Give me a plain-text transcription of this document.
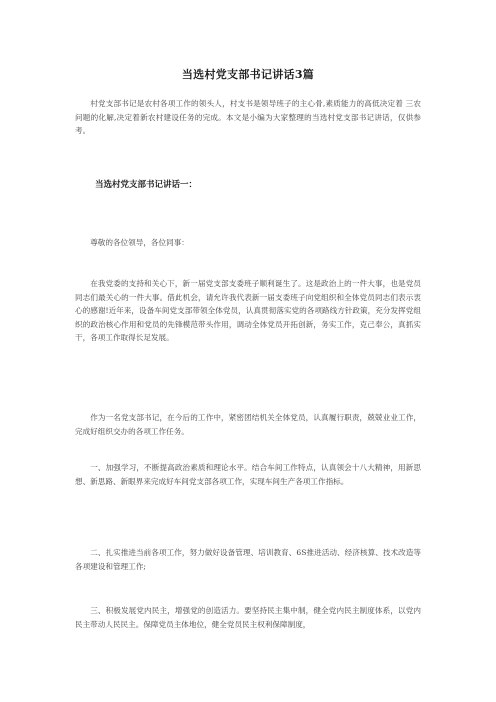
当选村党支部书记讲话3篇

村党支部书记是农村各项工作的领头人，村支书是领导班子的主心骨,素质能力的高低决定着 三农 问题的化解,决定着新农村建设任务的完成。本文是小编为大家整理的当选村党支部书记讲话，仅供参考。

当选村党支部书记讲话一：

尊敬的各位领导，各位同事：

在我党委的支持和关心下，新一届党支部支委班子顺利诞生了。这是政治上的一件大事，也是党员同志们最关心的一件大事。借此机会，请允许我代表新一届支委班子向党组织和全体党员同志们表示衷心的感谢!近年来，设备车间党支部带领全体党员，认真贯彻落实党的各项路线方针政策，充分发挥党组织的政治核心作用和党员的先锋模范带头作用，调动全体党员开拓创新，务实工作，克己奉公，真抓实干，各项工作取得长足发展。

作为一名党支部书记，在今后的工作中，紧密团结机关全体党员，认真履行职责，兢兢业业工作，完成好组织交办的各项工作任务。

一、加强学习，不断提高政治素质和理论水平。结合车间工作特点，认真领会十八大精神，用新思想、新思路、新眼界来完成好车间党支部各项工作，实现车间生产各项工作指标。

二、扎实推进当前各项工作，努力做好设备管理、培训教育、6S推进活动、经济核算、技术改造等各项建设和管理工作;

三、积极发展党内民主，增强党的创造活力。要坚持民主集中制，健全党内民主制度体系，以党内民主带动人民民主。保障党员主体地位，健全党员民主权利保障制度，
